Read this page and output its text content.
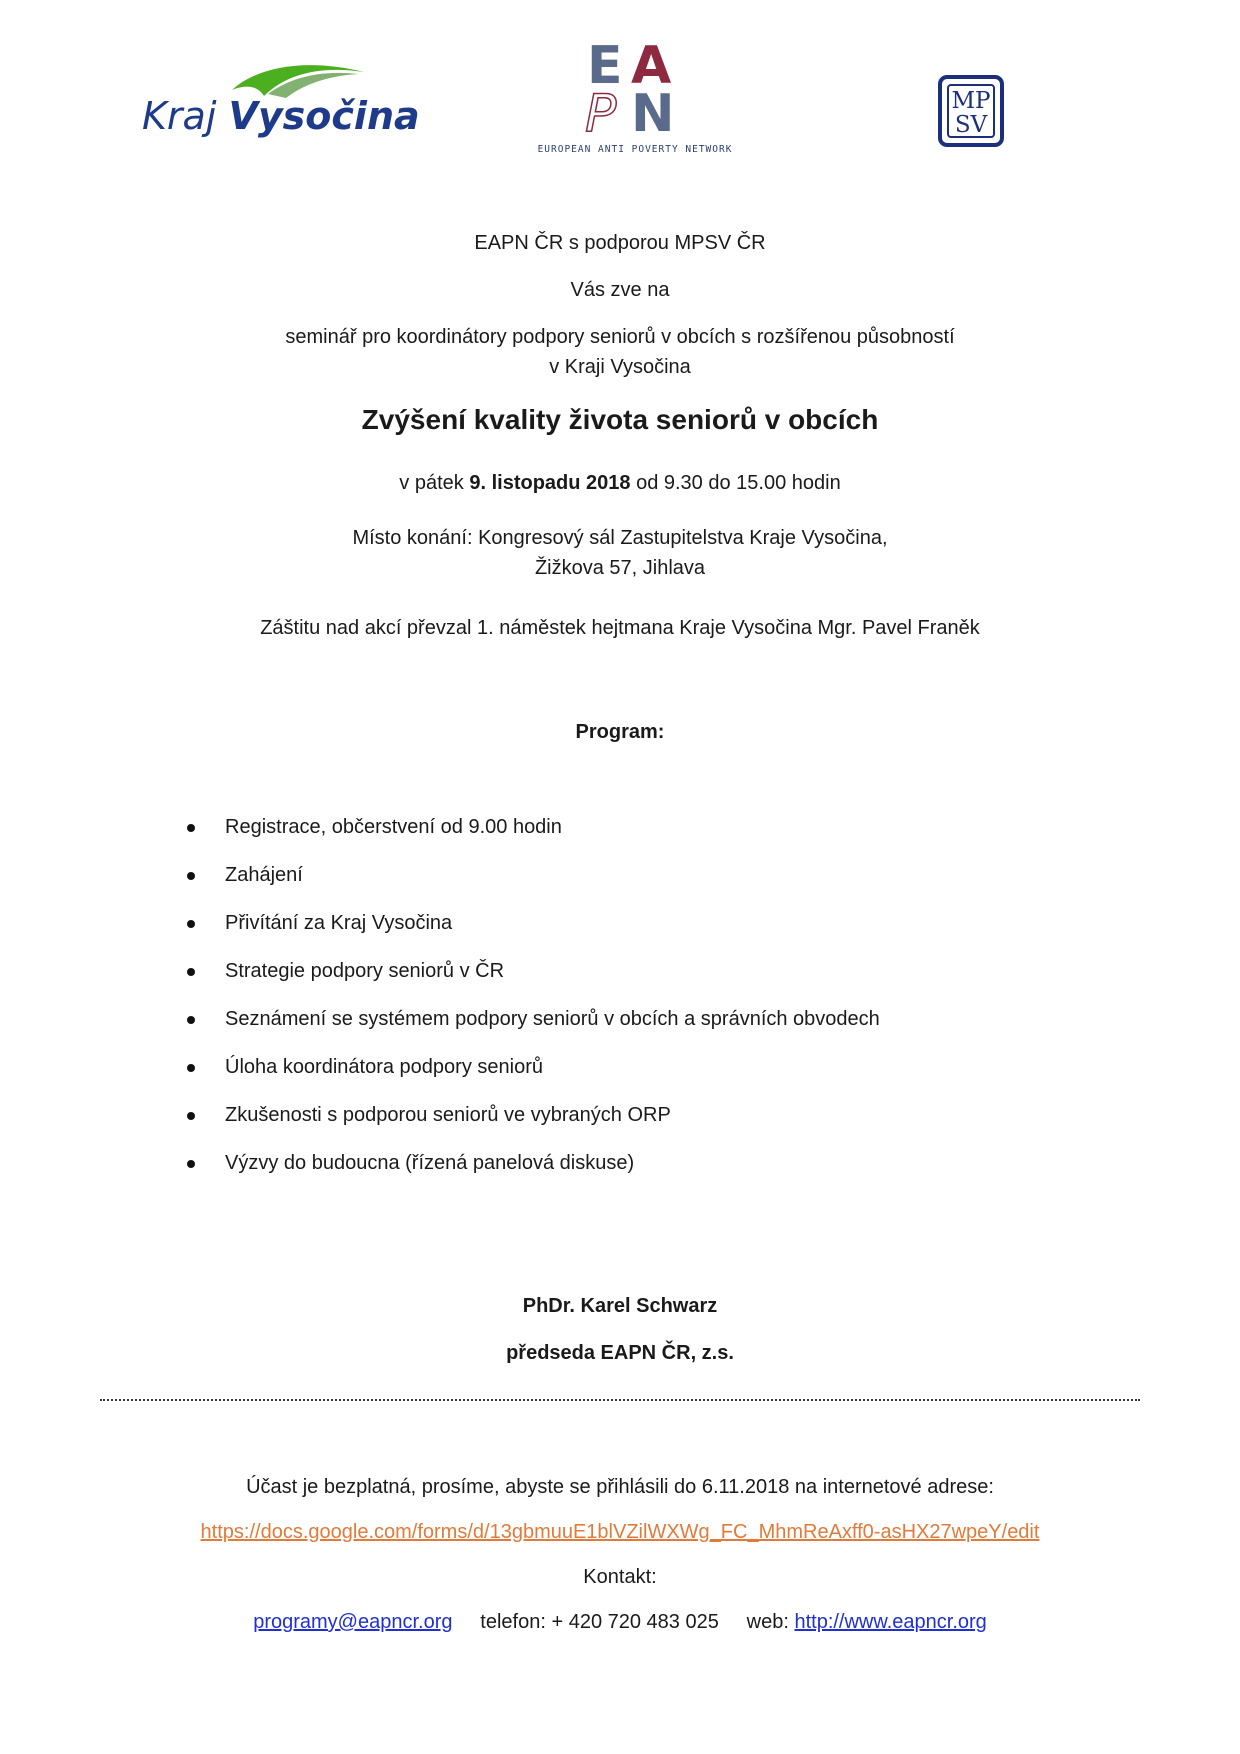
Kraj Vysočina
E A
P N
EUROPEAN ANTI POVERTY NETWORK
MP
SV
EAPN ČR s podporou MPSV ČR
Vás zve na
seminář pro koordinátory podpory seniorů v obcích s rozšířenou působností
v Kraji Vysočina
Zvýšení kvality života seniorů v obcích
v pátek 9. listopadu 2018 od 9.30 do 15.00 hodin
Místo konání: Kongresový sál Zastupitelstva Kraje Vysočina,
Žižkova 57, Jihlava
Záštitu nad akcí převzal 1. náměstek hejtmana Kraje Vysočina Mgr. Pavel Franěk
Program:
Registrace, občerstvení od 9.00 hodin
Zahájení
Přivítání za Kraj Vysočina
Strategie podpory seniorů v ČR
Seznámení se systémem podpory seniorů v obcích a správních obvodech
Úloha koordinátora podpory seniorů
Zkušenosti s podporou seniorů ve vybraných ORP
Výzvy do budoucna (řízená panelová diskuse)
PhDr. Karel Schwarz
předseda EAPN ČR, z.s.
Účast je bezplatná, prosíme, abyste se přihlásili do 6.11.2018 na internetové adrese:
https://docs.google.com/forms/d/13gbmuuE1blVZilWXWg_FC_MhmReAxff0-asHX27wpeY/edit
Kontakt:
programy@eapncr.org telefon: + 420 720 483 025 web: http://www.eapncr.org
